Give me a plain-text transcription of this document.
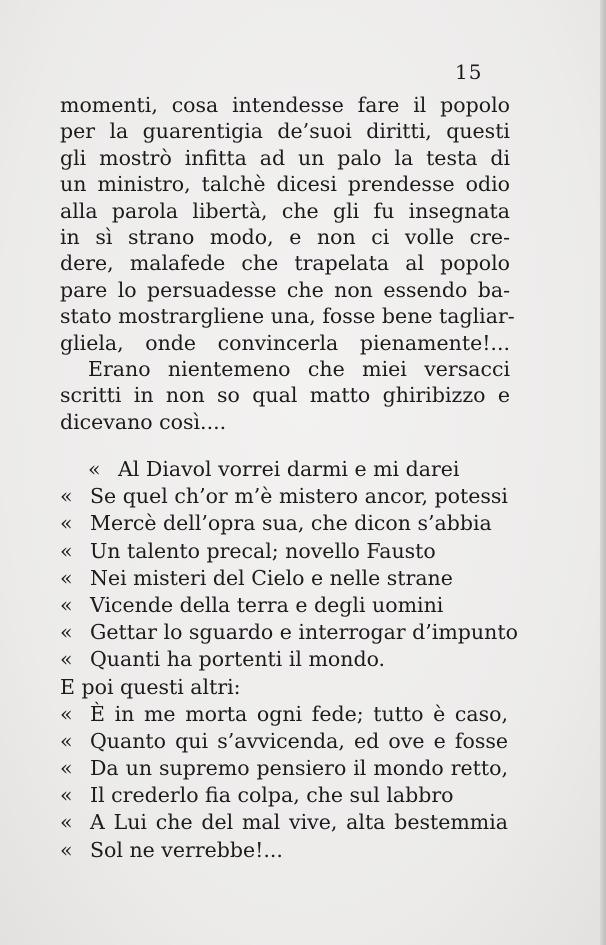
15
momenti, cosa intendesse fare il popolo
per la guarentigia de’suoi diritti, questi
gli mostrò infitta ad un palo la testa di
un ministro, talchè dicesi prendesse odio
alla parola libertà, che gli fu insegnata
in sì strano modo, e non ci volle cre-
dere, malafede che trapelata al popolo
pare lo persuadesse che non essendo ba-
stato mostrargliene una, fosse bene tagliar-
gliela, onde convincerla pienamente!...
Erano nientemeno che miei versacci
scritti in non so qual matto ghiribizzo e
dicevano così....
« Al Diavol vorrei darmi e mi darei
« Se quel ch’or m’è mistero ancor, potessi
« Mercè dell’opra sua, che dicon s’abbia
« Un talento precal; novello Fausto
« Nei misteri del Cielo e nelle strane
« Vicende della terra e degli uomini
« Gettar lo sguardo e interrogar d’impunto
« Quanti ha portenti il mondo.
E poi questi altri:
« È in me morta ogni fede; tutto è caso,
« Quanto qui s’avvicenda, ed ove e fosse
« Da un supremo pensiero il mondo retto,
« Il crederlo fia colpa, che sul labbro
« A Lui che del mal vive, alta bestemmia
« Sol ne verrebbe!...
